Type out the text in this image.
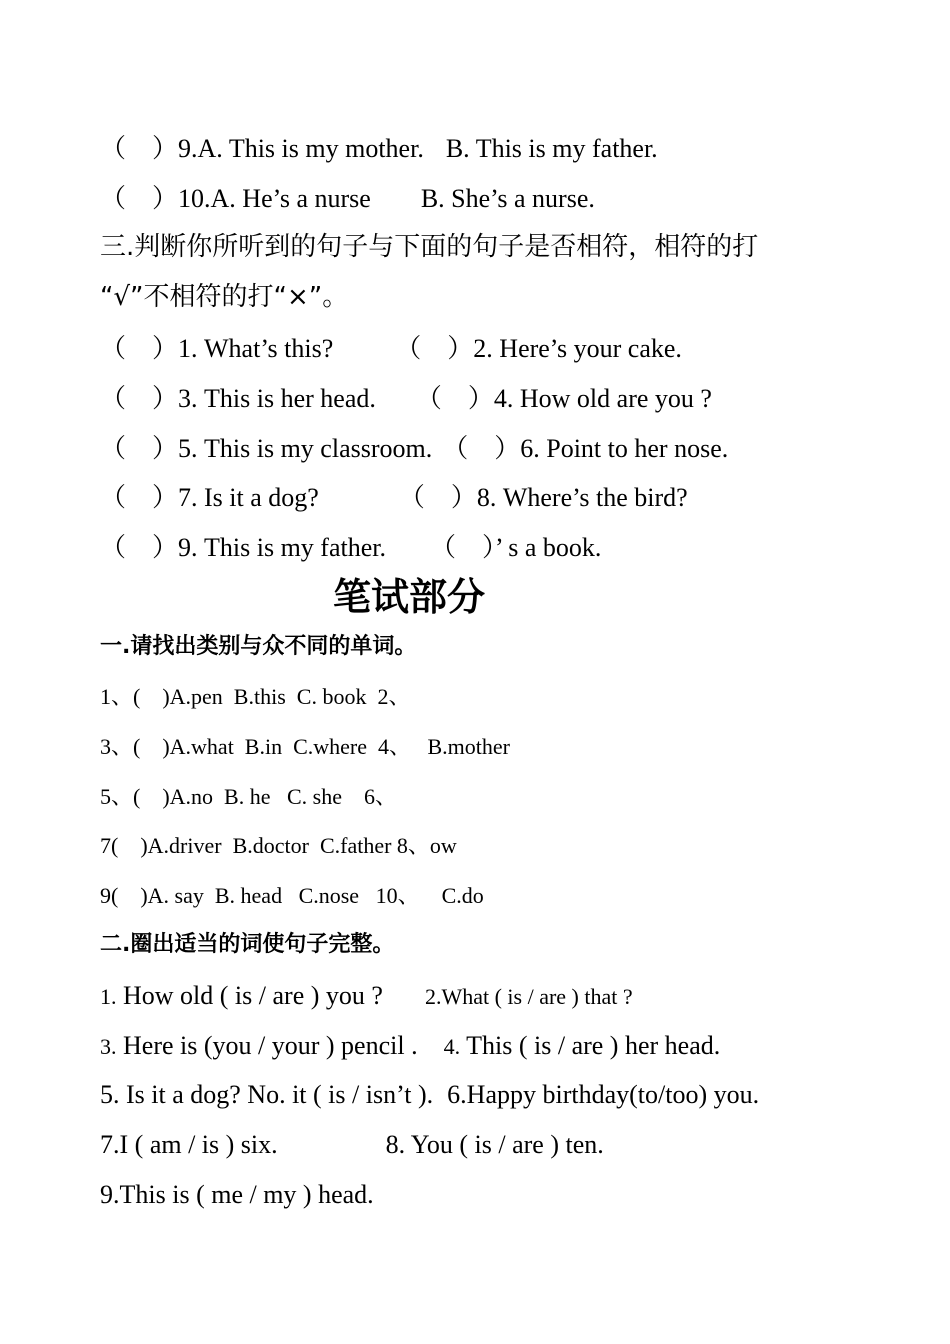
（　）9.A. This is my mother. B. This is my father.
（　）10.A. He’s a nurse B. She’s a nurse.
三.判断你所听到的句子与下面的句子是否相符，相符的打
“√”不相符的打“×”。
（　）1. What’s this? （　）2. Here’s your cake.
（　）3. This is her head. （　）4. How old are you ?
（　）5. This is my classroom. （　）6. Point to her nose.
（　）7. Is it a dog?	（　）8. Where’s the bird?
（　）9. This is my father. （　）’ s a book.
笔试部分
一.请找出类别与众不同的单词。
1、(    )A.pen  B.this  C. book  2、
3、(    )A.what  B.in  C.where  4、   B.mother
5、(    )A.no  B. he   C. she    6、
7(    )A.driver  B.doctor  C.father 8、ow
9(    )A. say  B. head   C.nose   10、    C.do
二.圈出适当的词使句子完整。
1. How old ( is / are ) you ? 2.What ( is / are ) that ?
3. Here is (you / your ) pencil . 4. This ( is / are ) her head.
5. Is it a dog? No. it ( is / isn’t ). 6.Happy birthday(to/too) you.
7.I ( am / is ) six.	8. You ( is / are ) ten.
9.This is ( me / my ) head.
